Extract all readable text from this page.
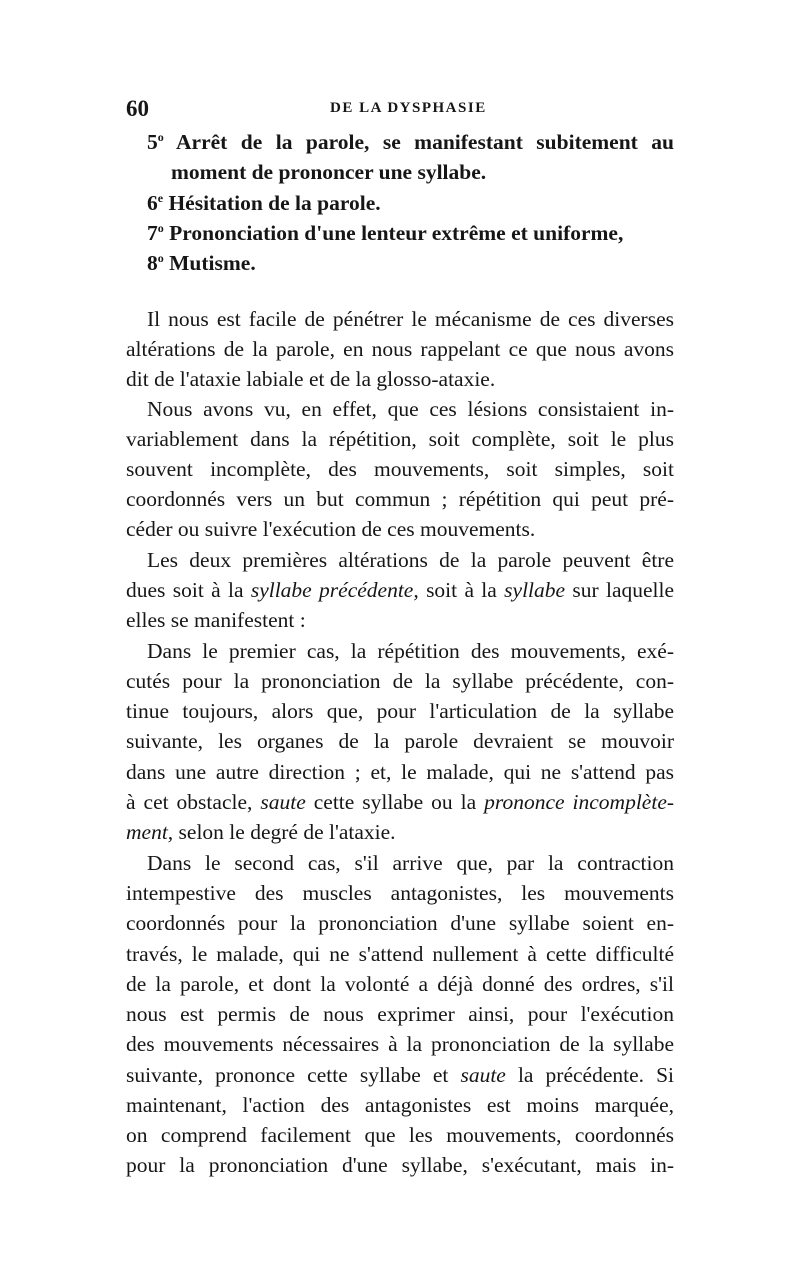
60	DE LA DYSPHASIE
5$^o$ Arrêt de la parole, se manifestant subitement au
moment de prononcer une syllabe.
6e Hésitation de la parole.
7$^o$ Prononciation d'une lenteur extrême et uniforme,
8$^o$ Mutisme.
Il nous est facile de pénétrer le mécanisme de ces diverses
altérations de la parole, en nous rappelant ce que nous avons
dit de l'ataxie labiale et de la glosso-ataxie.
Nous avons vu, en effet, que ces lésions consistaient in-
variablement dans la répétition, soit complète, soit le plus
souvent incomplète, des mouvements, soit simples, soit
coordonnés vers un but commun ; répétition qui peut pré-
céder ou suivre l'exécution de ces mouvements.
Les deux premières altérations de la parole peuvent être
dues soit à la syllabe précédente, soit à la syllabe sur laquelle
elles se manifestent :
Dans le premier cas, la répétition des mouvements, exé-
cutés pour la prononciation de la syllabe précédente, con-
tinue toujours, alors que, pour l'articulation de la syllabe
suivante, les organes de la parole devraient se mouvoir
dans une autre direction ; et, le malade, qui ne s'attend pas
à cet obstacle, saute cette syllabe ou la prononce incomplète-
ment, selon le degré de l'ataxie.
Dans le second cas, s'il arrive que, par la contraction
intempestive des muscles antagonistes, les mouvements
coordonnés pour la prononciation d'une syllabe soient en-
través, le malade, qui ne s'attend nullement à cette difficulté
de la parole, et dont la volonté a déjà donné des ordres, s'il
nous est permis de nous exprimer ainsi, pour l'exécution
des mouvements nécessaires à la prononciation de la syllabe
suivante, prononce cette syllabe et saute la précédente. Si
maintenant, l'action des antagonistes est moins marquée,
on comprend facilement que les mouvements, coordonnés
pour la prononciation d'une syllabe, s'exécutant, mais in-
